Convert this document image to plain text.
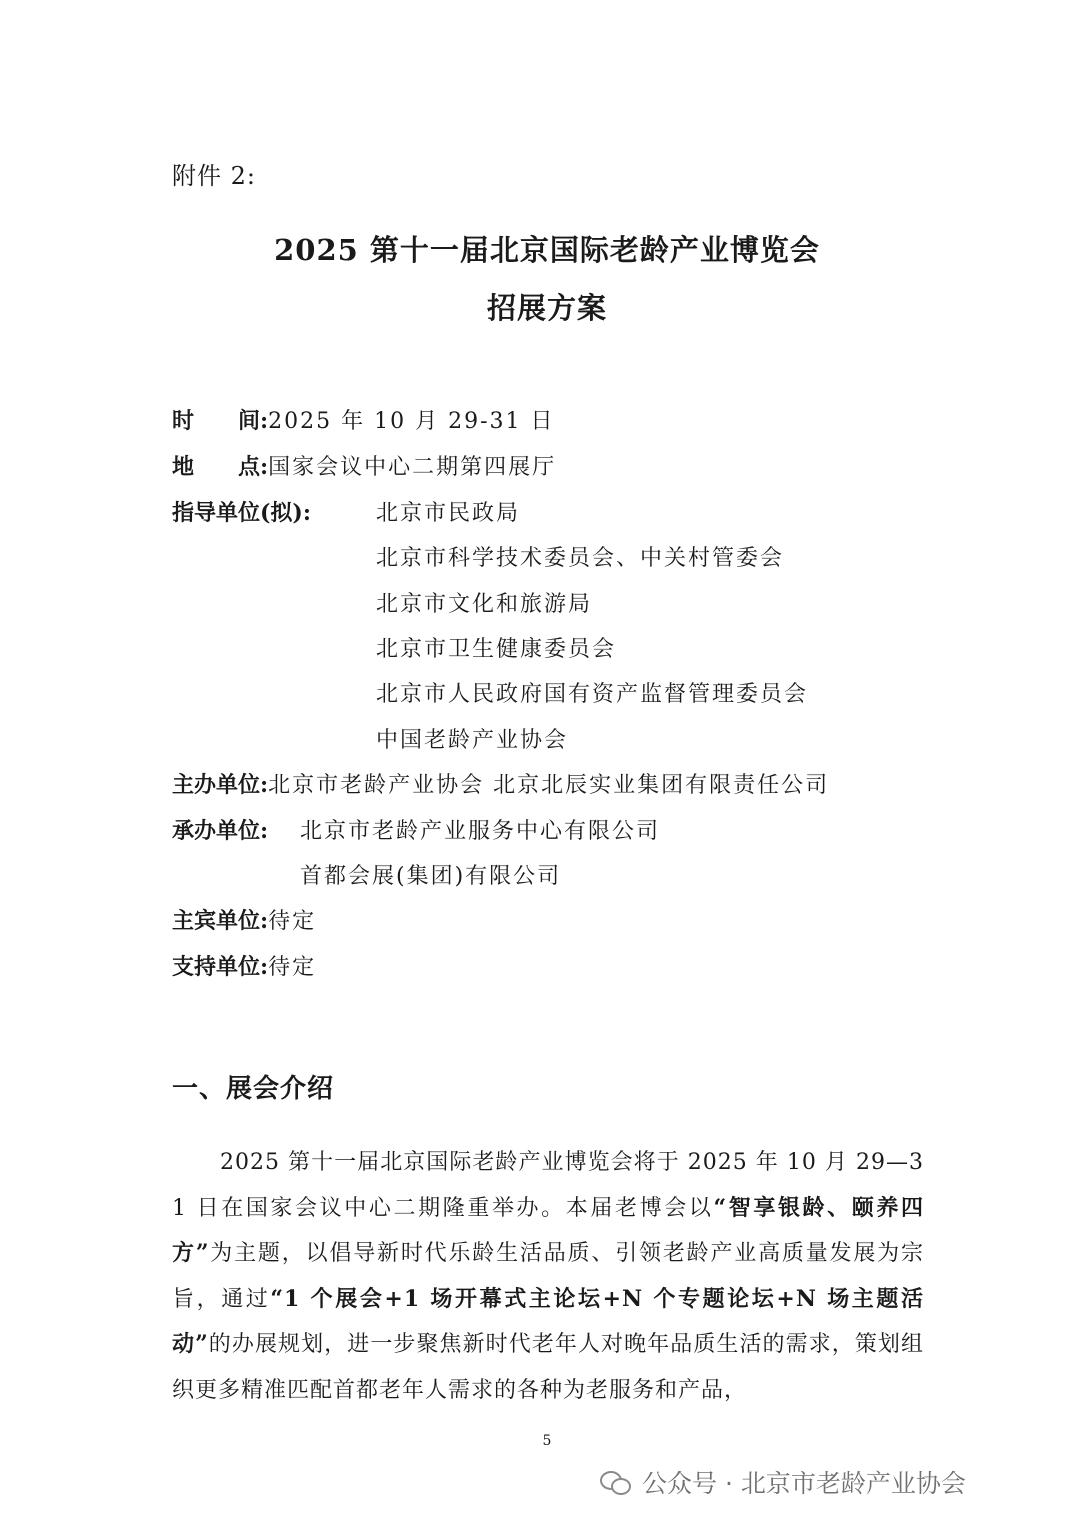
附件 2:
2025 第十一届北京国际老龄产业博览会
招展方案
时　　间:2025 年 10 月 29-31 日
地　　点:国家会议中心二期第四展厅
指导单位(拟):	北京市民政局
北京市科学技术委员会、中关村管委会
北京市文化和旅游局
北京市卫生健康委员会
北京市人民政府国有资产监督管理委员会
中国老龄产业协会
主办单位:北京市老龄产业协会 北京北辰实业集团有限责任公司
承办单位: 北京市老龄产业服务中心有限公司
首都会展(集团)有限公司
主宾单位:待定
支持单位:待定
一、展会介绍
2025 第十一届北京国际老龄产业博览会将于 2025 年 10 月 29—31 日在国家会议中心二期隆重举办。本届老博会以“智享银龄、颐养四方”为主题，以倡导新时代乐龄生活品质、引领老龄产业高质量发展为宗旨，通过“1 个展会+1 场开幕式主论坛+N 个专题论坛+N 场主题活动”的办展规划，进一步聚焦新时代老年人对晚年品质生活的需求，策划组织更多精准匹配首都老年人需求的各种为老服务和产品，
5
公众号 · 北京市老龄产业协会
